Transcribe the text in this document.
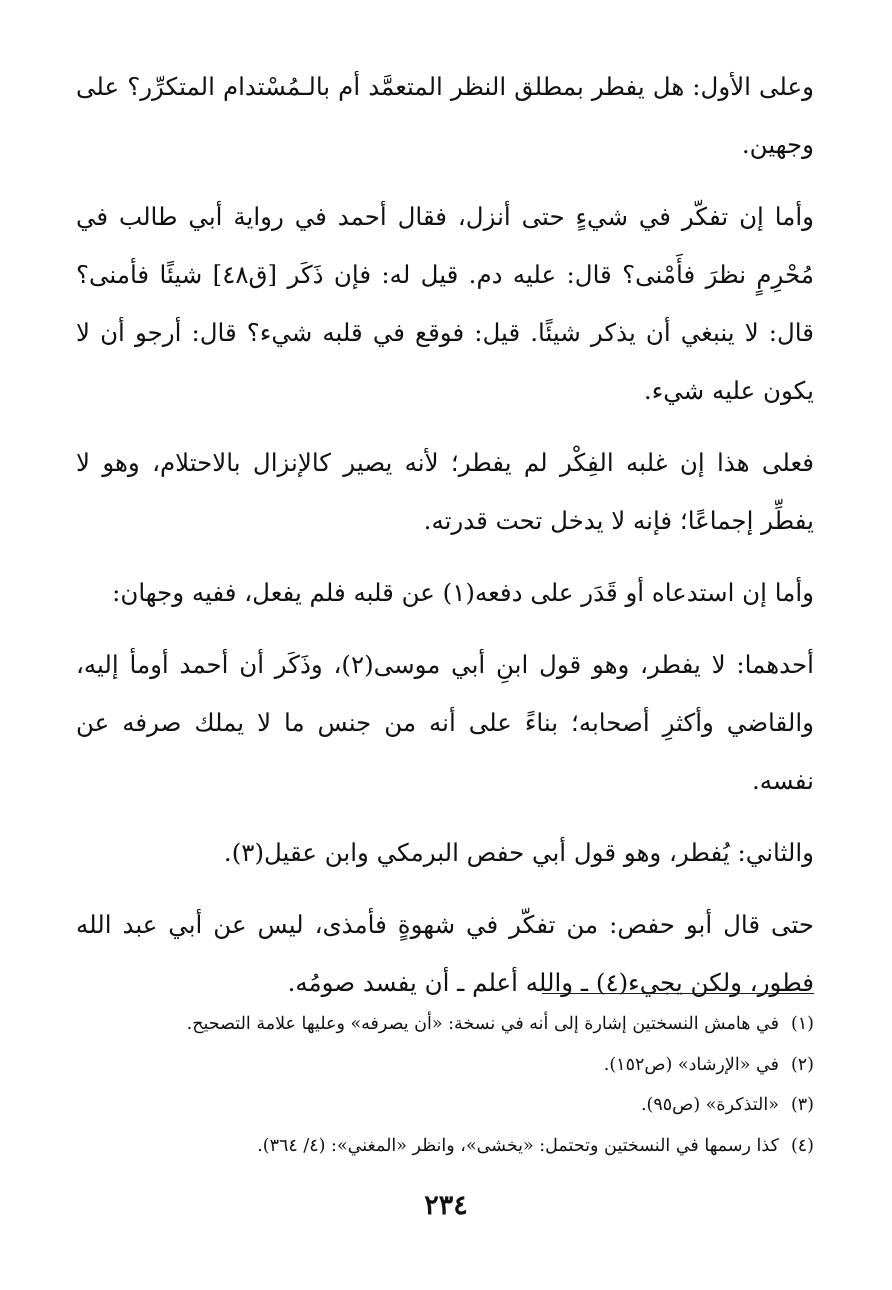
وعلى الأول: هل يفطر بمطلق النظر المتعمَّد أم بالـمُسْتدام المتكرِّر؟ على وجهين.

وأما إن تفكّر في شيءٍ حتى أنزل، فقال أحمد في رواية أبي طالب في مُحْرِمٍ نظرَ فأَمْنى؟ قال: عليه دم. قيل له: فإن ذَكَر [ق٤٨] شيئًا فأمنى؟ قال: لا ينبغي أن يذكر شيئًا. قيل: فوقع في قلبه شيء؟ قال: أرجو أن لا يكون عليه شيء.

فعلى هذا إن غلبه الفِكْر لم يفطر؛ لأنه يصير كالإنزال بالاحتلام، وهو لا يفطِّر إجماعًا؛ فإنه لا يدخل تحت قدرته.

وأما إن استدعاه أو قَدَر على دفعه(١) عن قلبه فلم يفعل، ففيه وجهان:

أحدهما: لا يفطر، وهو قول ابنِ أبي موسى(٢)، وذَكَر أن أحمد أومأ إليه، والقاضي وأكثرِ أصحابه؛ بناءً على أنه من جنس ما لا يملك صرفه عن نفسه.

والثاني: يُفطر، وهو قول أبي حفص البرمكي وابن عقيل(٣).

حتى قال أبو حفص: من تفكّر في شهوةٍ فأمذى، ليس عن أبي عبد الله فطور، ولكن يجيء(٤) ـ والله أعلم ـ أن يفسد صومُه.

(١)
في هامش النسختين إشارة إلى أنه في نسخة: «أن يصرفه» وعليها علامة التصحيح.
(٢)
في «الإرشاد» (ص١٥٢).
(٣)
«التذكرة» (ص٩٥).
(٤)
كذا رسمها في النسختين وتحتمل: «يخشى»، وانظر «المغني»: (٤/ ٣٦٤).
٢٣٤
